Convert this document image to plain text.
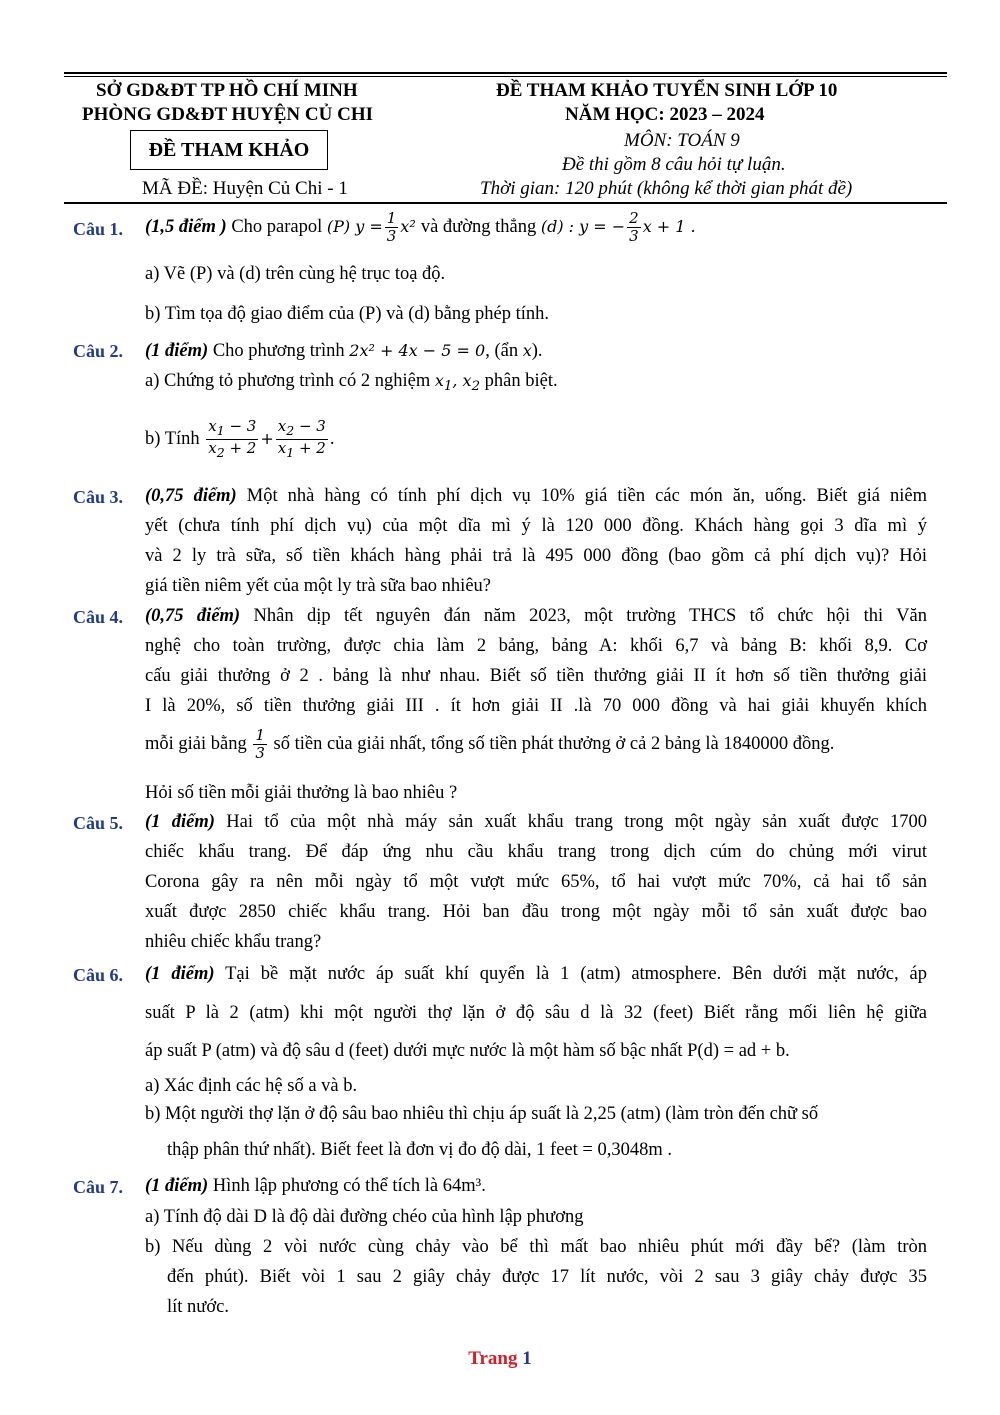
SỞ GD&ĐT TP HỒ CHÍ MINH
PHÒNG GD&ĐT HUYỆN CỦ CHI
ĐỀ THAM KHẢO
MÃ ĐỀ: Huyện Củ Chi - 1
ĐỀ THAM KHẢO TUYỂN SINH LỚP 10
NĂM HỌC: 2023 – 2024
MÔN: TOÁN 9
Đề thi gồm 8 câu hỏi tự luận.
Thời gian: 120 phút (không kể thời gian phát đề)
Câu 1. (1,5 điểm ) Cho parapol (P) $y = \frac{1}{3} x^2$ và đường thẳng (d) : y = − $\frac{2}{3}$ x + 1 .
a) Vẽ (P) và (d) trên cùng hệ trục toạ độ.
b) Tìm tọa độ giao điểm của (P) và (d) bằng phép tính.
Câu 2. (1 điểm) Cho phương trình 2x² + 4x − 5 = 0, (ẩn x).
a) Chứng tỏ phương trình có 2 nghiệm $x_1$, $x_2$ phân biệt.
b) Tính $\frac{x_1 - 3}{x_2 + 2} + \frac{x_2 - 3}{x_1 + 2}$ .
Câu 3. (0,75 điểm) Một nhà hàng có tính phí dịch vụ 10% giá tiền các món ăn, uống. Biết giá niêm
yết (chưa tính phí dịch vụ) của một dĩa mì ý là 120 000 đồng. Khách hàng gọi 3 dĩa mì ý
và 2 ly trà sữa, số tiền khách hàng phải trả là 495 000 đồng (bao gồm cả phí dịch vụ)? Hỏi
giá tiền niêm yết của một ly trà sữa bao nhiêu?
Câu 4. (0,75 điểm) Nhân dịp tết nguyên đán năm 2023, một trường THCS tổ chức hội thi Văn
nghệ cho toàn trường, được chia làm 2 bảng, bảng A: khối 6,7 và bảng B: khối 8,9. Cơ
cấu giải thưởng ở 2 . bảng là như nhau. Biết số tiền thưởng giải II ít hơn số tiền thưởng giải
I là 20%, số tiền thưởng giải III . ít hơn giải II .là 70 000 đồng và hai giải khuyến khích
mỗi giải bằng $\frac{1}{3}$ số tiền của giải nhất, tổng số tiền phát thưởng ở cả 2 bảng là 1840000 đồng.
Hỏi số tiền mỗi giải thưởng là bao nhiêu ?
Câu 5. (1 điểm) Hai tổ của một nhà máy sản xuất khẩu trang trong một ngày sản xuất được 1700
chiếc khẩu trang. Để đáp ứng nhu cầu khẩu trang trong dịch cúm do chủng mới virut
Corona gây ra nên mỗi ngày tổ một vượt mức 65%, tổ hai vượt mức 70%, cả hai tổ sản
xuất được 2850 chiếc khẩu trang. Hỏi ban đầu trong một ngày mỗi tổ sản xuất được bao
nhiêu chiếc khẩu trang?
Câu 6. (1 điểm) Tại bề mặt nước áp suất khí quyển là 1 (atm) atmosphere. Bên dưới mặt nước, áp
suất P là 2 (atm) khi một người thợ lặn ở độ sâu d là 32 (feet) Biết rằng mối liên hệ giữa
áp suất P (atm) và độ sâu d (feet) dưới mực nước là một hàm số bậc nhất P(d) = ad + b.
a) Xác định các hệ số a và b.
b) Một người thợ lặn ở độ sâu bao nhiêu thì chịu áp suất là 2,25 (atm) (làm tròn đến chữ số
thập phân thứ nhất). Biết feet là đơn vị đo độ dài, 1 feet = 0,3048m .
Câu 7. (1 điểm) Hình lập phương có thể tích là 64m³.
a) Tính độ dài D là độ dài đường chéo của hình lập phương
b) Nếu dùng 2 vòi nước cùng chảy vào bể thì mất bao nhiêu phút mới đầy bể? (làm tròn
đến phút). Biết vòi 1 sau 2 giây chảy được 17 lít nước, vòi 2 sau 3 giây chảy được 35
lít nước.
Trang 1
